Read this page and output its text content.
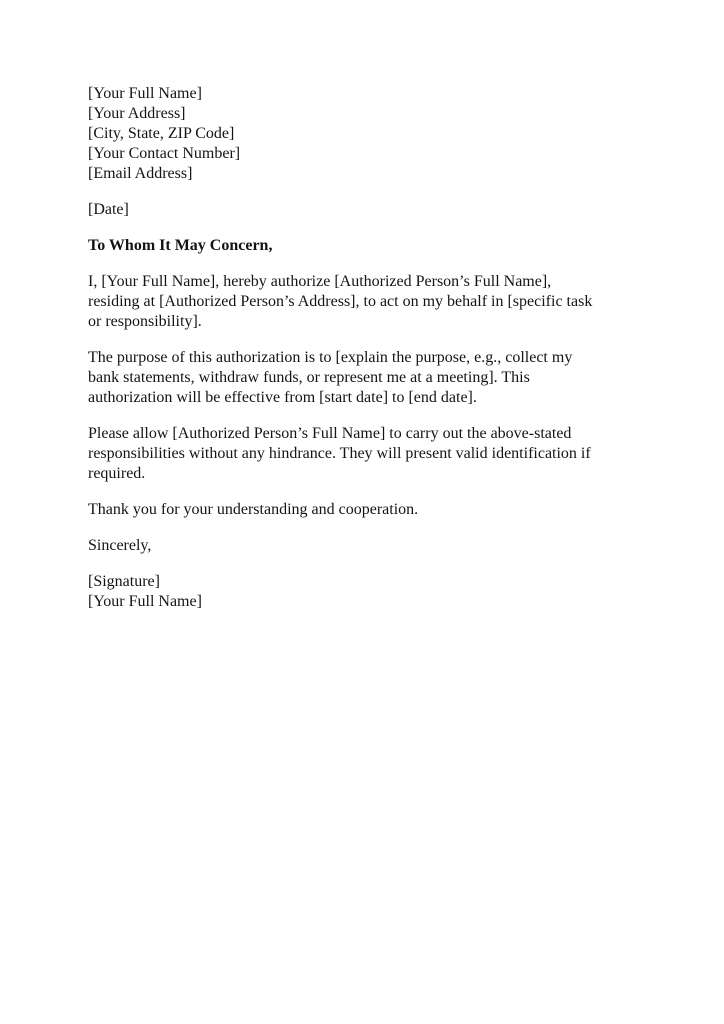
[Your Full Name]
[Your Address]
[City, State, ZIP Code]
[Your Contact Number]
[Email Address]

[Date]

To Whom It May Concern,

I, [Your Full Name], hereby authorize [Authorized Person’s Full Name],
residing at [Authorized Person’s Address], to act on my behalf in [specific task
or responsibility].

The purpose of this authorization is to [explain the purpose, e.g., collect my
bank statements, withdraw funds, or represent me at a meeting]. This
authorization will be effective from [start date] to [end date].

Please allow [Authorized Person’s Full Name] to carry out the above-stated
responsibilities without any hindrance. They will present valid identification if
required.

Thank you for your understanding and cooperation.

Sincerely,

[Signature]
[Your Full Name]
